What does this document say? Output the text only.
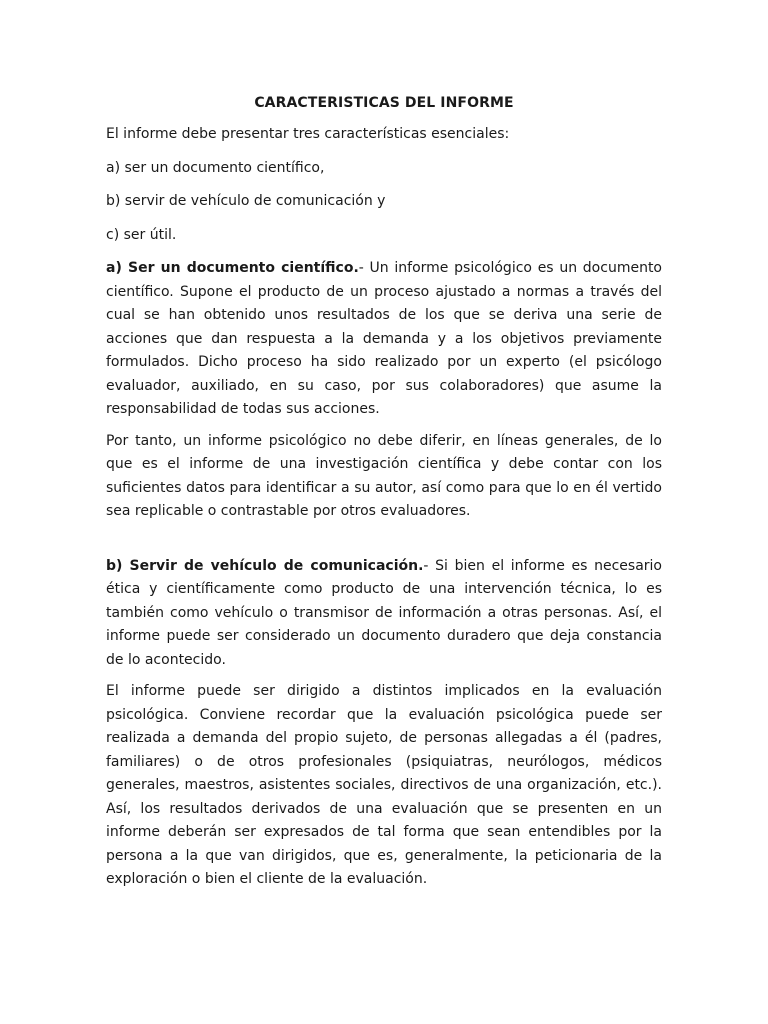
CARACTERISTICAS DEL INFORME

El informe debe presentar tres características esenciales:

a) ser un documento científico,

b) servir de vehículo de comunicación y

c) ser útil.

a) Ser un documento científico.- Un informe psicológico es un documento científico. Supone el producto de un proceso ajustado a normas a través del cual se han obtenido unos resultados de los que se deriva una serie de acciones que dan respuesta a la demanda y a los objetivos previamente formulados. Dicho proceso ha sido realizado por un experto (el psicólogo evaluador, auxiliado, en su caso, por sus colaboradores) que asume la responsabilidad de todas sus acciones.

Por tanto, un informe psicológico no debe diferir, en líneas generales, de lo que es el informe de una investigación científica y debe contar con los suficientes datos para identificar a su autor, así como para que lo en él vertido sea replicable o contrastable por otros evaluadores.

b) Servir de vehículo de comunicación.- Si bien el informe es necesario ética y científicamente como producto de una intervención técnica, lo es también como vehículo o transmisor de información a otras personas. Así, el informe puede ser considerado un documento duradero que deja constancia de lo acontecido.

El informe puede ser dirigido a distintos implicados en la evaluación psicológica. Conviene recordar que la evaluación psicológica puede ser realizada a demanda del propio sujeto, de personas allegadas a él (padres, familiares) o de otros profesionales (psiquiatras, neurólogos, médicos generales, maestros, asistentes sociales, directivos de una organización, etc.). Así, los resultados derivados de una evaluación que se presenten en un informe deberán ser expresados de tal forma que sean entendibles por la persona a la que van dirigidos, que es, generalmente, la peticionaria de la exploración o bien el cliente de la evaluación.
